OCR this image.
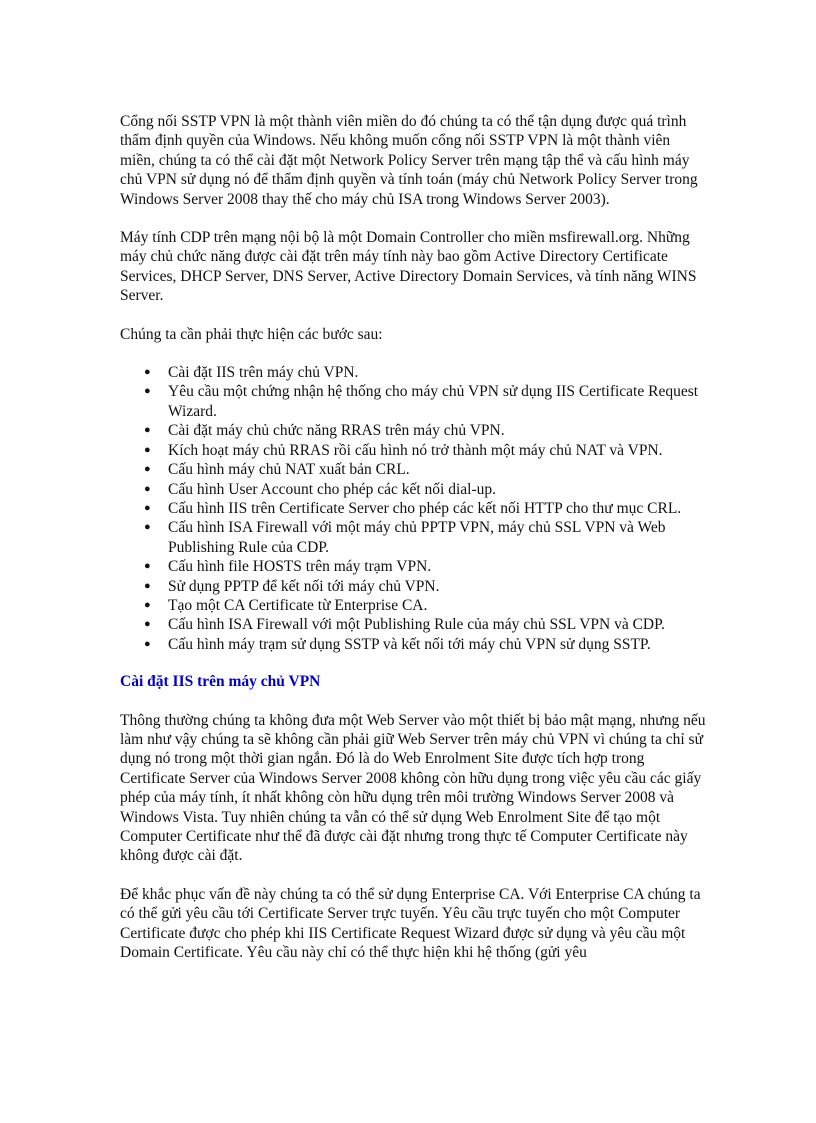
Cổng nối SSTP VPN là một thành viên miền do đó chúng ta có thể tận dụng được quá trình thẩm định quyền của Windows. Nếu không muốn cổng nối SSTP VPN là một thành viên miền, chúng ta có thể cài đặt một Network Policy Server trên mạng tập thể và cấu hình máy chủ VPN sử dụng nó để thẩm định quyền và tính toán (máy chủ Network Policy Server trong Windows Server 2008 thay thế cho máy chủ ISA trong Windows Server 2003).

Máy tính CDP trên mạng nội bộ là một Domain Controller cho miền msfirewall.org. Những máy chủ chức năng được cài đặt trên máy tính này bao gồm Active Directory Certificate Services, DHCP Server, DNS Server, Active Directory Domain Services, và tính năng WINS Server.

Chúng ta cần phải thực hiện các bước sau:

●	Cài đặt IIS trên máy chủ VPN.
●	Yêu cầu một chứng nhận hệ thống cho máy chủ VPN sử dụng IIS Certificate Request Wizard.
●	Cài đặt máy chủ chức năng RRAS trên máy chủ VPN.
●	Kích hoạt máy chủ RRAS rồi cấu hình nó trở thành một máy chủ NAT và VPN.
●	Cấu hình máy chủ NAT xuất bản CRL.
●	Cấu hình User Account cho phép các kết nối dial-up.
●	Cấu hình IIS trên Certificate Server cho phép các kết nối HTTP cho thư mục CRL.
●	Cấu hình ISA Firewall với một máy chủ PPTP VPN, máy chủ SSL VPN và Web Publishing Rule của CDP.
●	Cấu hình file HOSTS trên máy trạm VPN.
●	Sử dụng PPTP để kết nối tới máy chủ VPN.
●	Tạo một CA Certificate từ Enterprise CA.
●	Cấu hình ISA Firewall với một Publishing Rule của máy chủ SSL VPN và CDP.
●	Cấu hình máy trạm sử dụng SSTP và kết nối tới máy chủ VPN sử dụng SSTP.
Cài đặt IIS trên máy chủ VPN

Thông thường chúng ta không đưa một Web Server vào một thiết bị bảo mật mạng, nhưng nếu làm như vậy chúng ta sẽ không cần phải giữ Web Server trên máy chủ VPN vì chúng ta chỉ sử dụng nó trong một thời gian ngắn. Đó là do Web Enrolment Site được tích hợp trong Certificate Server của Windows Server 2008 không còn hữu dụng trong việc yêu cầu các giấy phép của máy tính, ít nhất không còn hữu dụng trên môi trường Windows Server 2008 và Windows Vista. Tuy nhiên chúng ta vẫn có thể sử dụng Web Enrolment Site để tạo một Computer Certificate như thể đã được cài đặt nhưng trong thực tế Computer Certificate này không được cài đặt.

Để khắc phục vấn đề này chúng ta có thể sử dụng Enterprise CA. Với Enterprise CA chúng ta có thể gửi yêu cầu tới Certificate Server trực tuyến. Yêu cầu trực tuyến cho một Computer Certificate được cho phép khi IIS Certificate Request Wizard được sử dụng và yêu cầu một Domain Certificate. Yêu cầu này chỉ có thể thực hiện khi hệ thống (gửi yêu
